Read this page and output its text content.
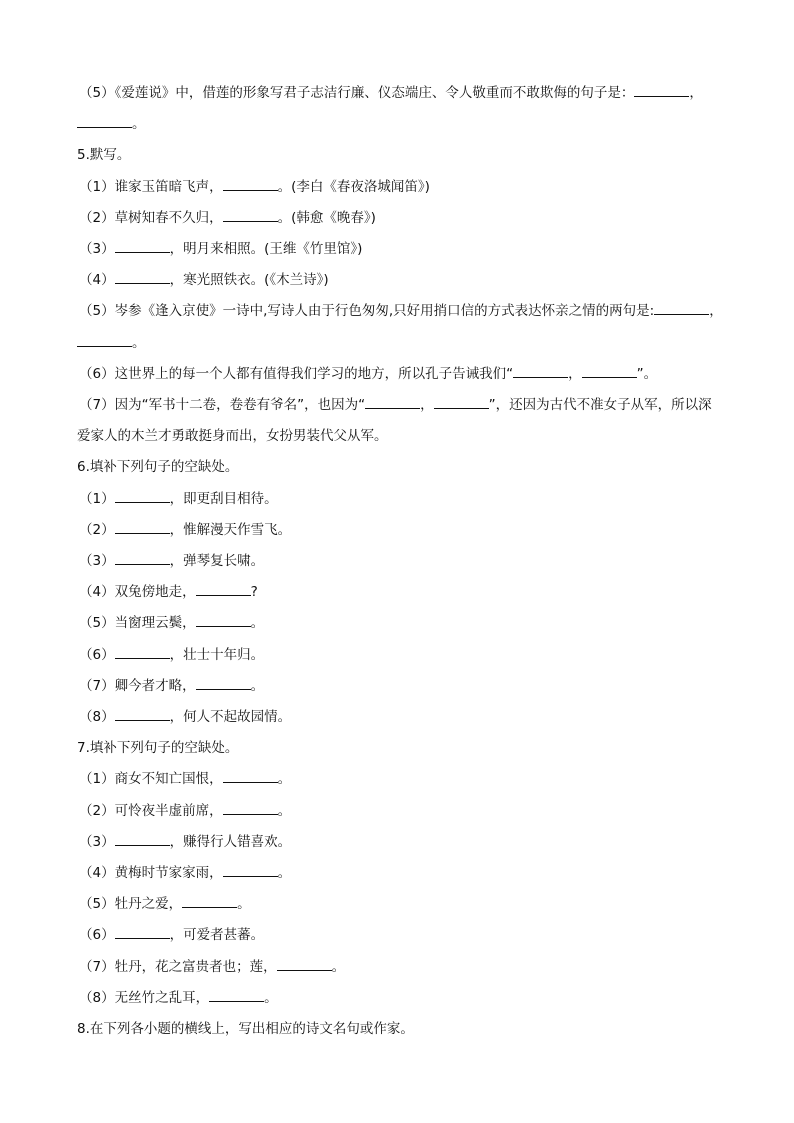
（5）《爱莲说》中，借莲的形象写君子志洁行廉、仪态端庄、令人敬重而不敢欺侮的句子是：	，
。
5.默写。
（1）谁家玉笛暗飞声，	。(李白《春夜洛城闻笛》)
（2）草树知春不久归，	。(韩愈《晚春》)
（3）	，明月来相照。(王维《竹里馆》)
（4）	，寒光照铁衣。(《木兰诗》)
（5）岑参《逢入京使》一诗中,写诗人由于行色匆匆,只好用捎口信的方式表达怀亲之情的两句是:	，
。
（6）这世界上的每一个人都有值得我们学习的地方，所以孔子告诫我们“	，	”。
（7）因为“军书十二卷，卷卷有爷名”，也因为“	，	”，还因为古代不准女子从军，所以深
爱家人的木兰才勇敢挺身而出，女扮男装代父从军。
6.填补下列句子的空缺处。
（1）	，即更刮目相待。
（2）	，惟解漫天作雪飞。
（3）	，弹琴复长啸。
（4）双兔傍地走，	?
（5）当窗理云鬓，	。
（6）	，壮士十年归。
（7）卿今者才略，	。
（8）	，何人不起故园情。
7.填补下列句子的空缺处。
（1）商女不知亡国恨，	。
（2）可怜夜半虚前席，	。
（3）	，赚得行人错喜欢。
（4）黄梅时节家家雨，	。
（5）牡丹之爱，	。
（6）	，可爱者甚蕃。
（7）牡丹，花之富贵者也；莲，	。
（8）无丝竹之乱耳，	。
8.在下列各小题的横线上，写出相应的诗文名句或作家。
